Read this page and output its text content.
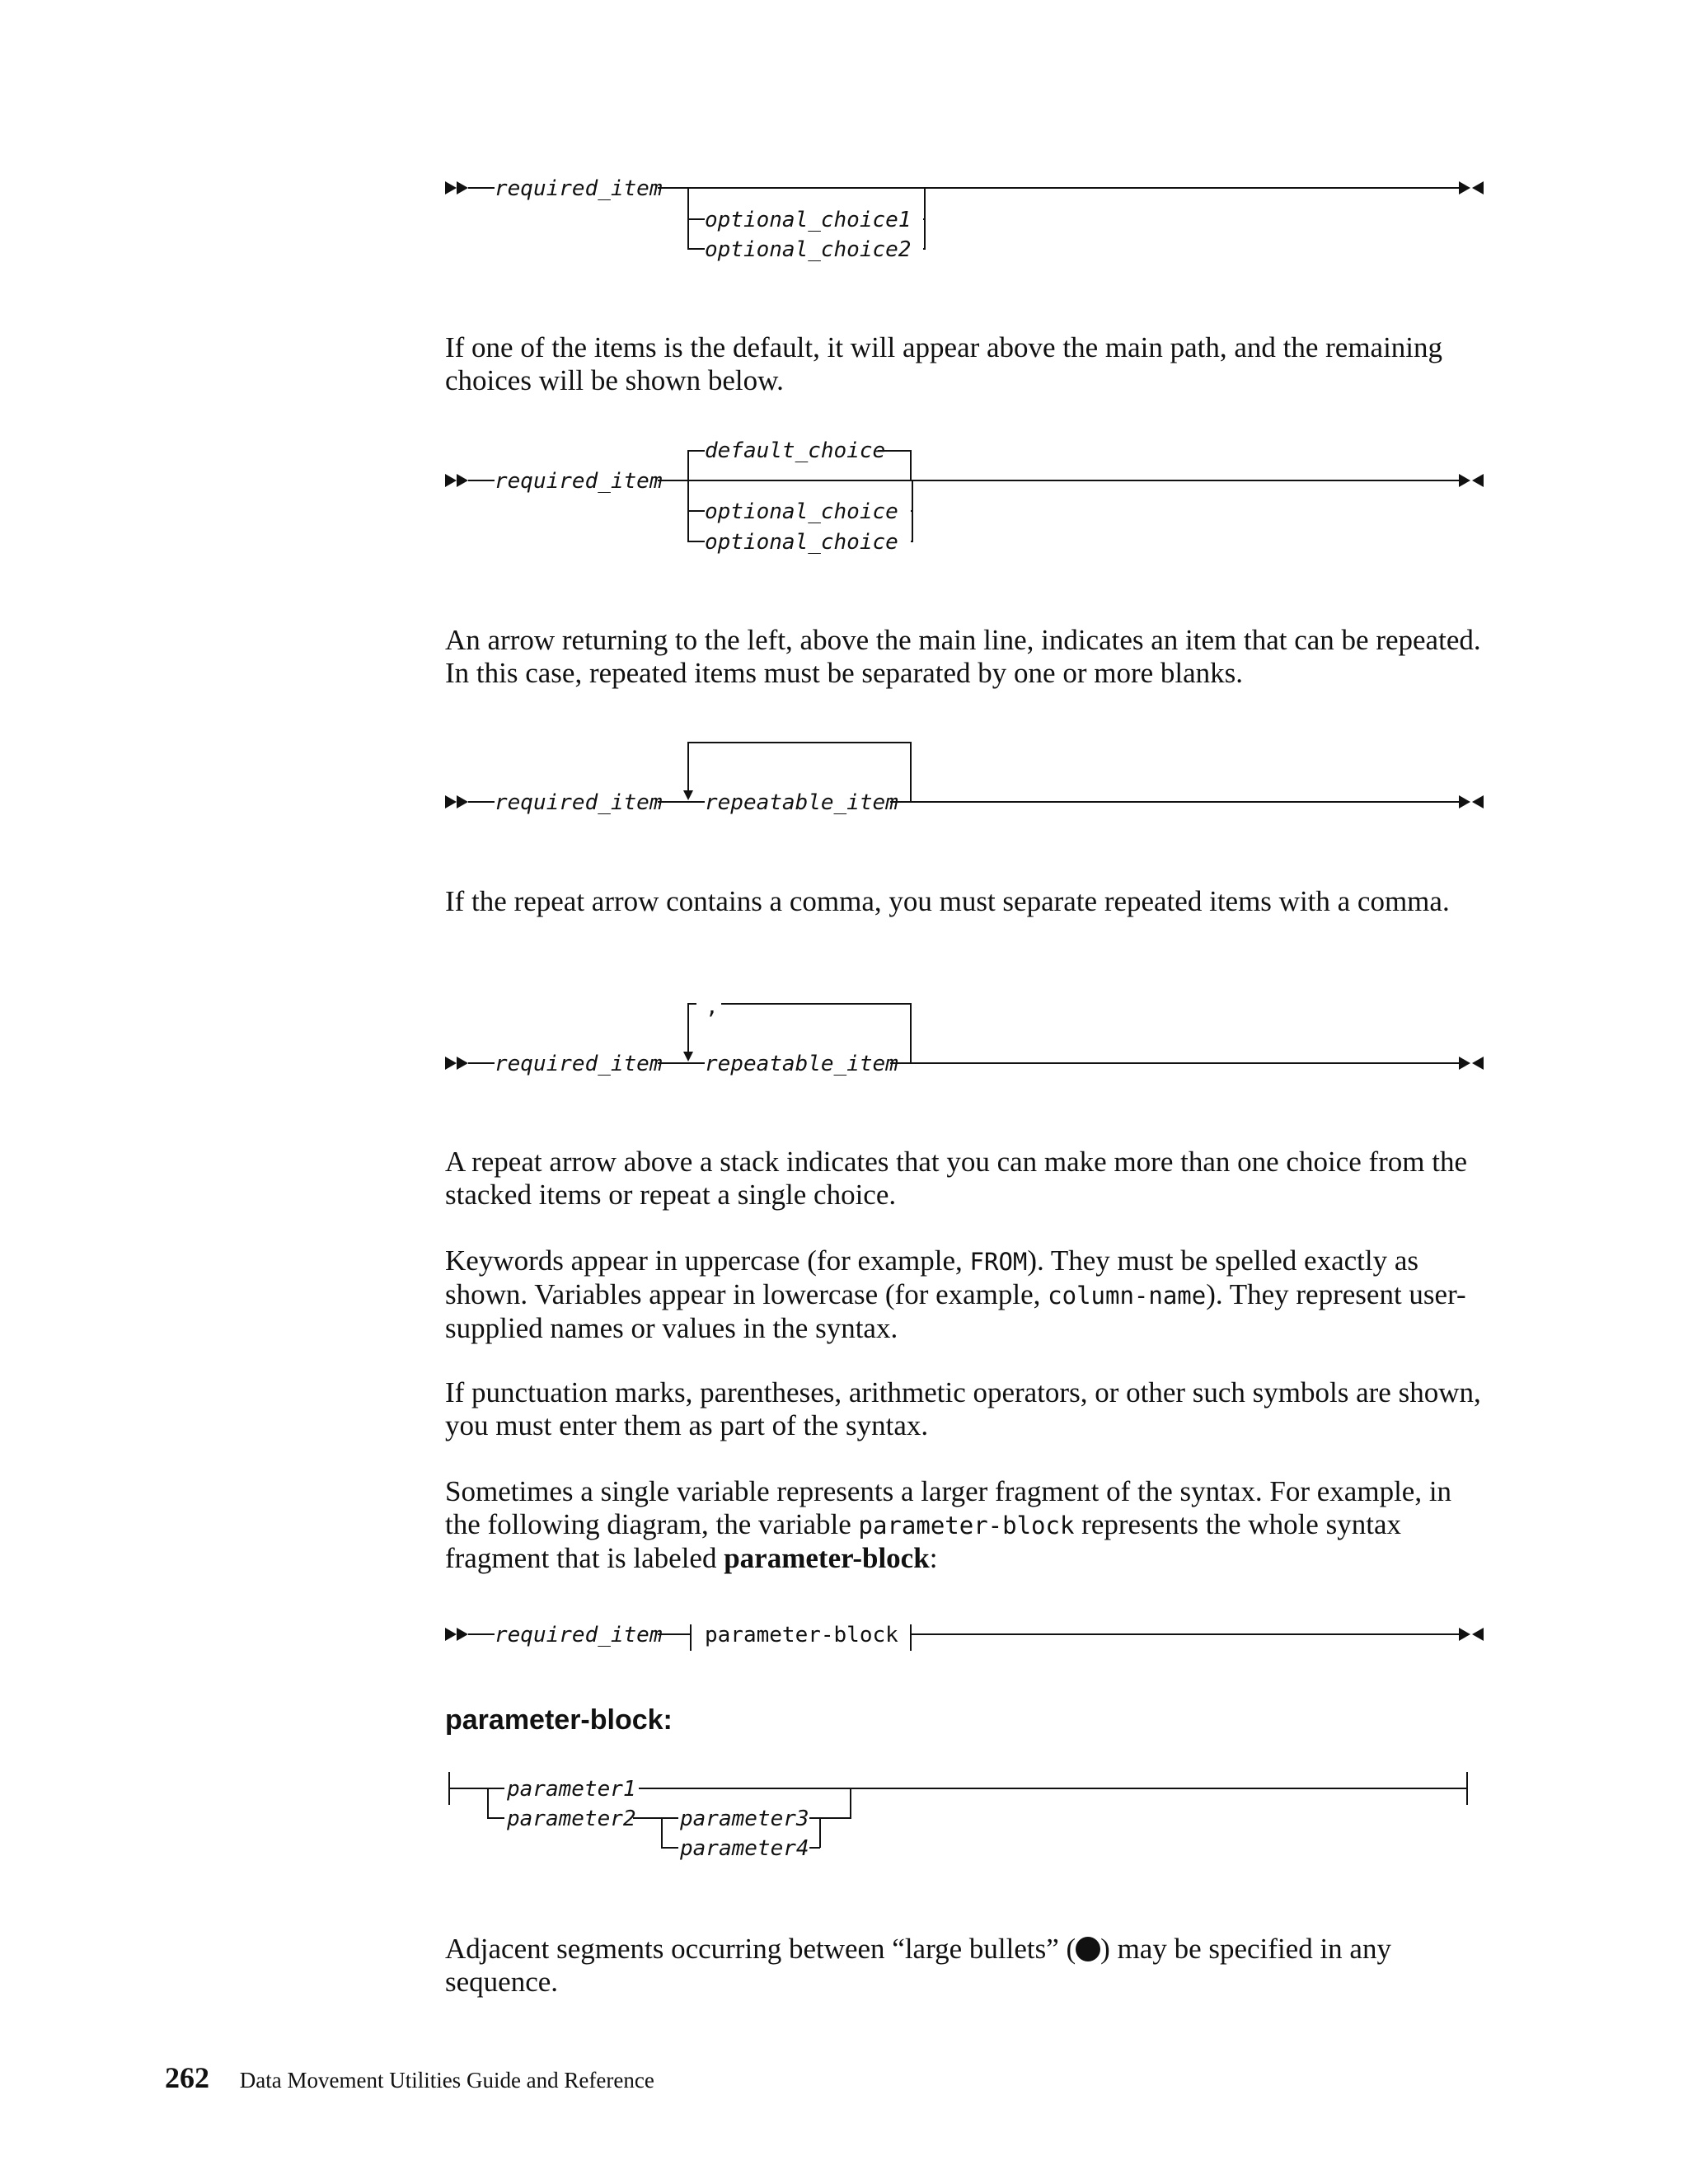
required_item
optional_choice1
optional_choice2

If one of the items is the default, it will appear above the main path, and the remaining choices will be shown below.

required_item
default_choice
optional_choice
optional_choice

An arrow returning to the left, above the main line, indicates an item that can be repeated. In this case, repeated items must be separated by one or more blanks.

required_item repeatable_item

If the repeat arrow contains a comma, you must separate repeated items with a comma.

required_item repeatable_item
,

A repeat arrow above a stack indicates that you can make more than one choice from the stacked items or repeat a single choice.

Keywords appear in uppercase (for example, FROM). They must be spelled exactly as shown. Variables appear in lowercase (for example, column-name). They represent user-supplied names or values in the syntax.

If punctuation marks, parentheses, arithmetic operators, or other such symbols are shown, you must enter them as part of the syntax.

Sometimes a single variable represents a larger fragment of the syntax. For example, in the following diagram, the variable parameter-block represents the whole syntax fragment that is labeled parameter-block:

required_item parameter-block
parameter-block:
parameter1
parameter2 parameter3
parameter4

Adjacent segments occurring between “large bullets” ( ) may be specified in any sequence.

262 Data Movement Utilities Guide and Reference
